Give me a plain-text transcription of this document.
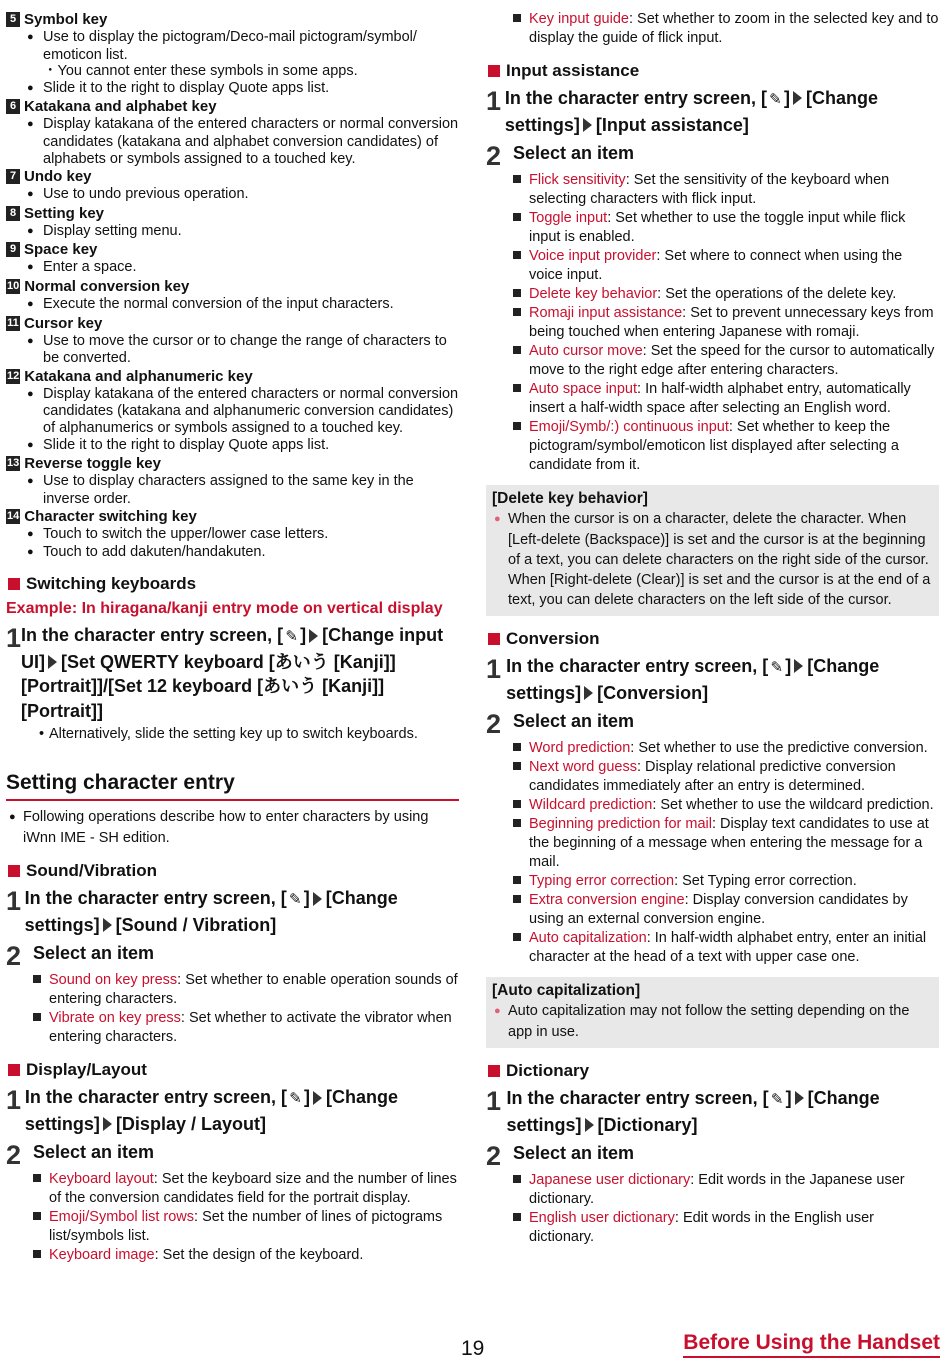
5 Symbol key
● Use to display the pictogram/Deco-mail pictogram/symbol/ emoticon list.
・You cannot enter these symbols in some apps.
● Slide it to the right to display Quote apps list.
6 Katakana and alphabet key
● Display katakana of the entered characters or normal conversion candidates (katakana and alphabet conversion candidates) of alphabets or symbols assigned to a touched key.
7 Undo key
● Use to undo previous operation.
8 Setting key
● Display setting menu.
9 Space key
● Enter a space.
10 Normal conversion key
● Execute the normal conversion of the input characters.
11 Cursor key
● Use to move the cursor or to change the range of characters to be converted.
12 Katakana and alphanumeric key
● Display katakana of the entered characters or normal conversion candidates (katakana and alphanumeric conversion candidates) of alphanumerics or symbols assigned to a touched key.
● Slide it to the right to display Quote apps list.
13 Reverse toggle key
● Use to display characters assigned to the same key in the inverse order.
14 Character switching key
● Touch to switch the upper/lower case letters.
● Touch to add dakuten/handakuten.
Switching keyboards
Example: In hiragana/kanji entry mode on vertical display
1 In the character entry screen, [ ✎ ] [Change input UI] [Set QWERTY keyboard [あいう [Kanji]] [Portrait]]/[Set 12 keyboard [あいう [Kanji]] [Portrait]]
• Alternatively, slide the setting key up to switch keyboards.
Setting character entry
● Following operations describe how to enter characters by using iWnn IME - SH edition.
Sound/Vibration
1 In the character entry screen, [ ✎ ] [Change settings] [Sound / Vibration]
2 Select an item
Sound on key press: Set whether to enable operation sounds of entering characters.
Vibrate on key press: Set whether to activate the vibrator when entering characters.
Display/Layout
1 In the character entry screen, [ ✎ ] [Change settings] [Display / Layout]
2 Select an item
Keyboard layout: Set the keyboard size and the number of lines of the conversion candidates field for the portrait display.
Emoji/Symbol list rows: Set the number of lines of pictograms list/symbols list.
Keyboard image: Set the design of the keyboard.
Key input guide: Set whether to zoom in the selected key and to display the guide of flick input.
Input assistance
1 In the character entry screen, [ ✎ ] [Change settings] [Input assistance]
2 Select an item
Flick sensitivity: Set the sensitivity of the keyboard when selecting characters with flick input.
Toggle input: Set whether to use the toggle input while flick input is enabled.
Voice input provider: Set where to connect when using the voice input.
Delete key behavior: Set the operations of the delete key.
Romaji input assistance: Set to prevent unnecessary keys from being touched when entering Japanese with romaji.
Auto cursor move: Set the speed for the cursor to automatically move to the right edge after entering characters.
Auto space input: In half-width alphabet entry, automatically insert a half-width space after selecting an English word.
Emoji/Symb/:) continuous input: Set whether to keep the pictogram/symbol/emoticon list displayed after selecting a candidate from it.
[Delete key behavior]
● When the cursor is on a character, delete the character. When [Left-delete (Backspace)] is set and the cursor is at the beginning of a text, you can delete characters on the right side of the cursor. When [Right-delete (Clear)] is set and the cursor is at the end of a text, you can delete characters on the left side of the cursor.
Conversion
1 In the character entry screen, [ ✎ ] [Change settings] [Conversion]
2 Select an item
Word prediction: Set whether to use the predictive conversion.
Next word guess: Display relational predictive conversion candidates immediately after an entry is determined.
Wildcard prediction: Set whether to use the wildcard prediction.
Beginning prediction for mail: Display text candidates to use at the beginning of a message when entering the message for a mail.
Typing error correction: Set Typing error correction.
Extra conversion engine: Display conversion candidates by using an external conversion engine.
Auto capitalization: In half-width alphabet entry, enter an initial character at the head of a text with upper case one.
[Auto capitalization]
● Auto capitalization may not follow the setting depending on the app in use.
Dictionary
1 In the character entry screen, [ ✎ ] [Change settings] [Dictionary]
2 Select an item
Japanese user dictionary: Edit words in the Japanese user dictionary.
English user dictionary: Edit words in the English user dictionary.
19	Before Using the Handset
